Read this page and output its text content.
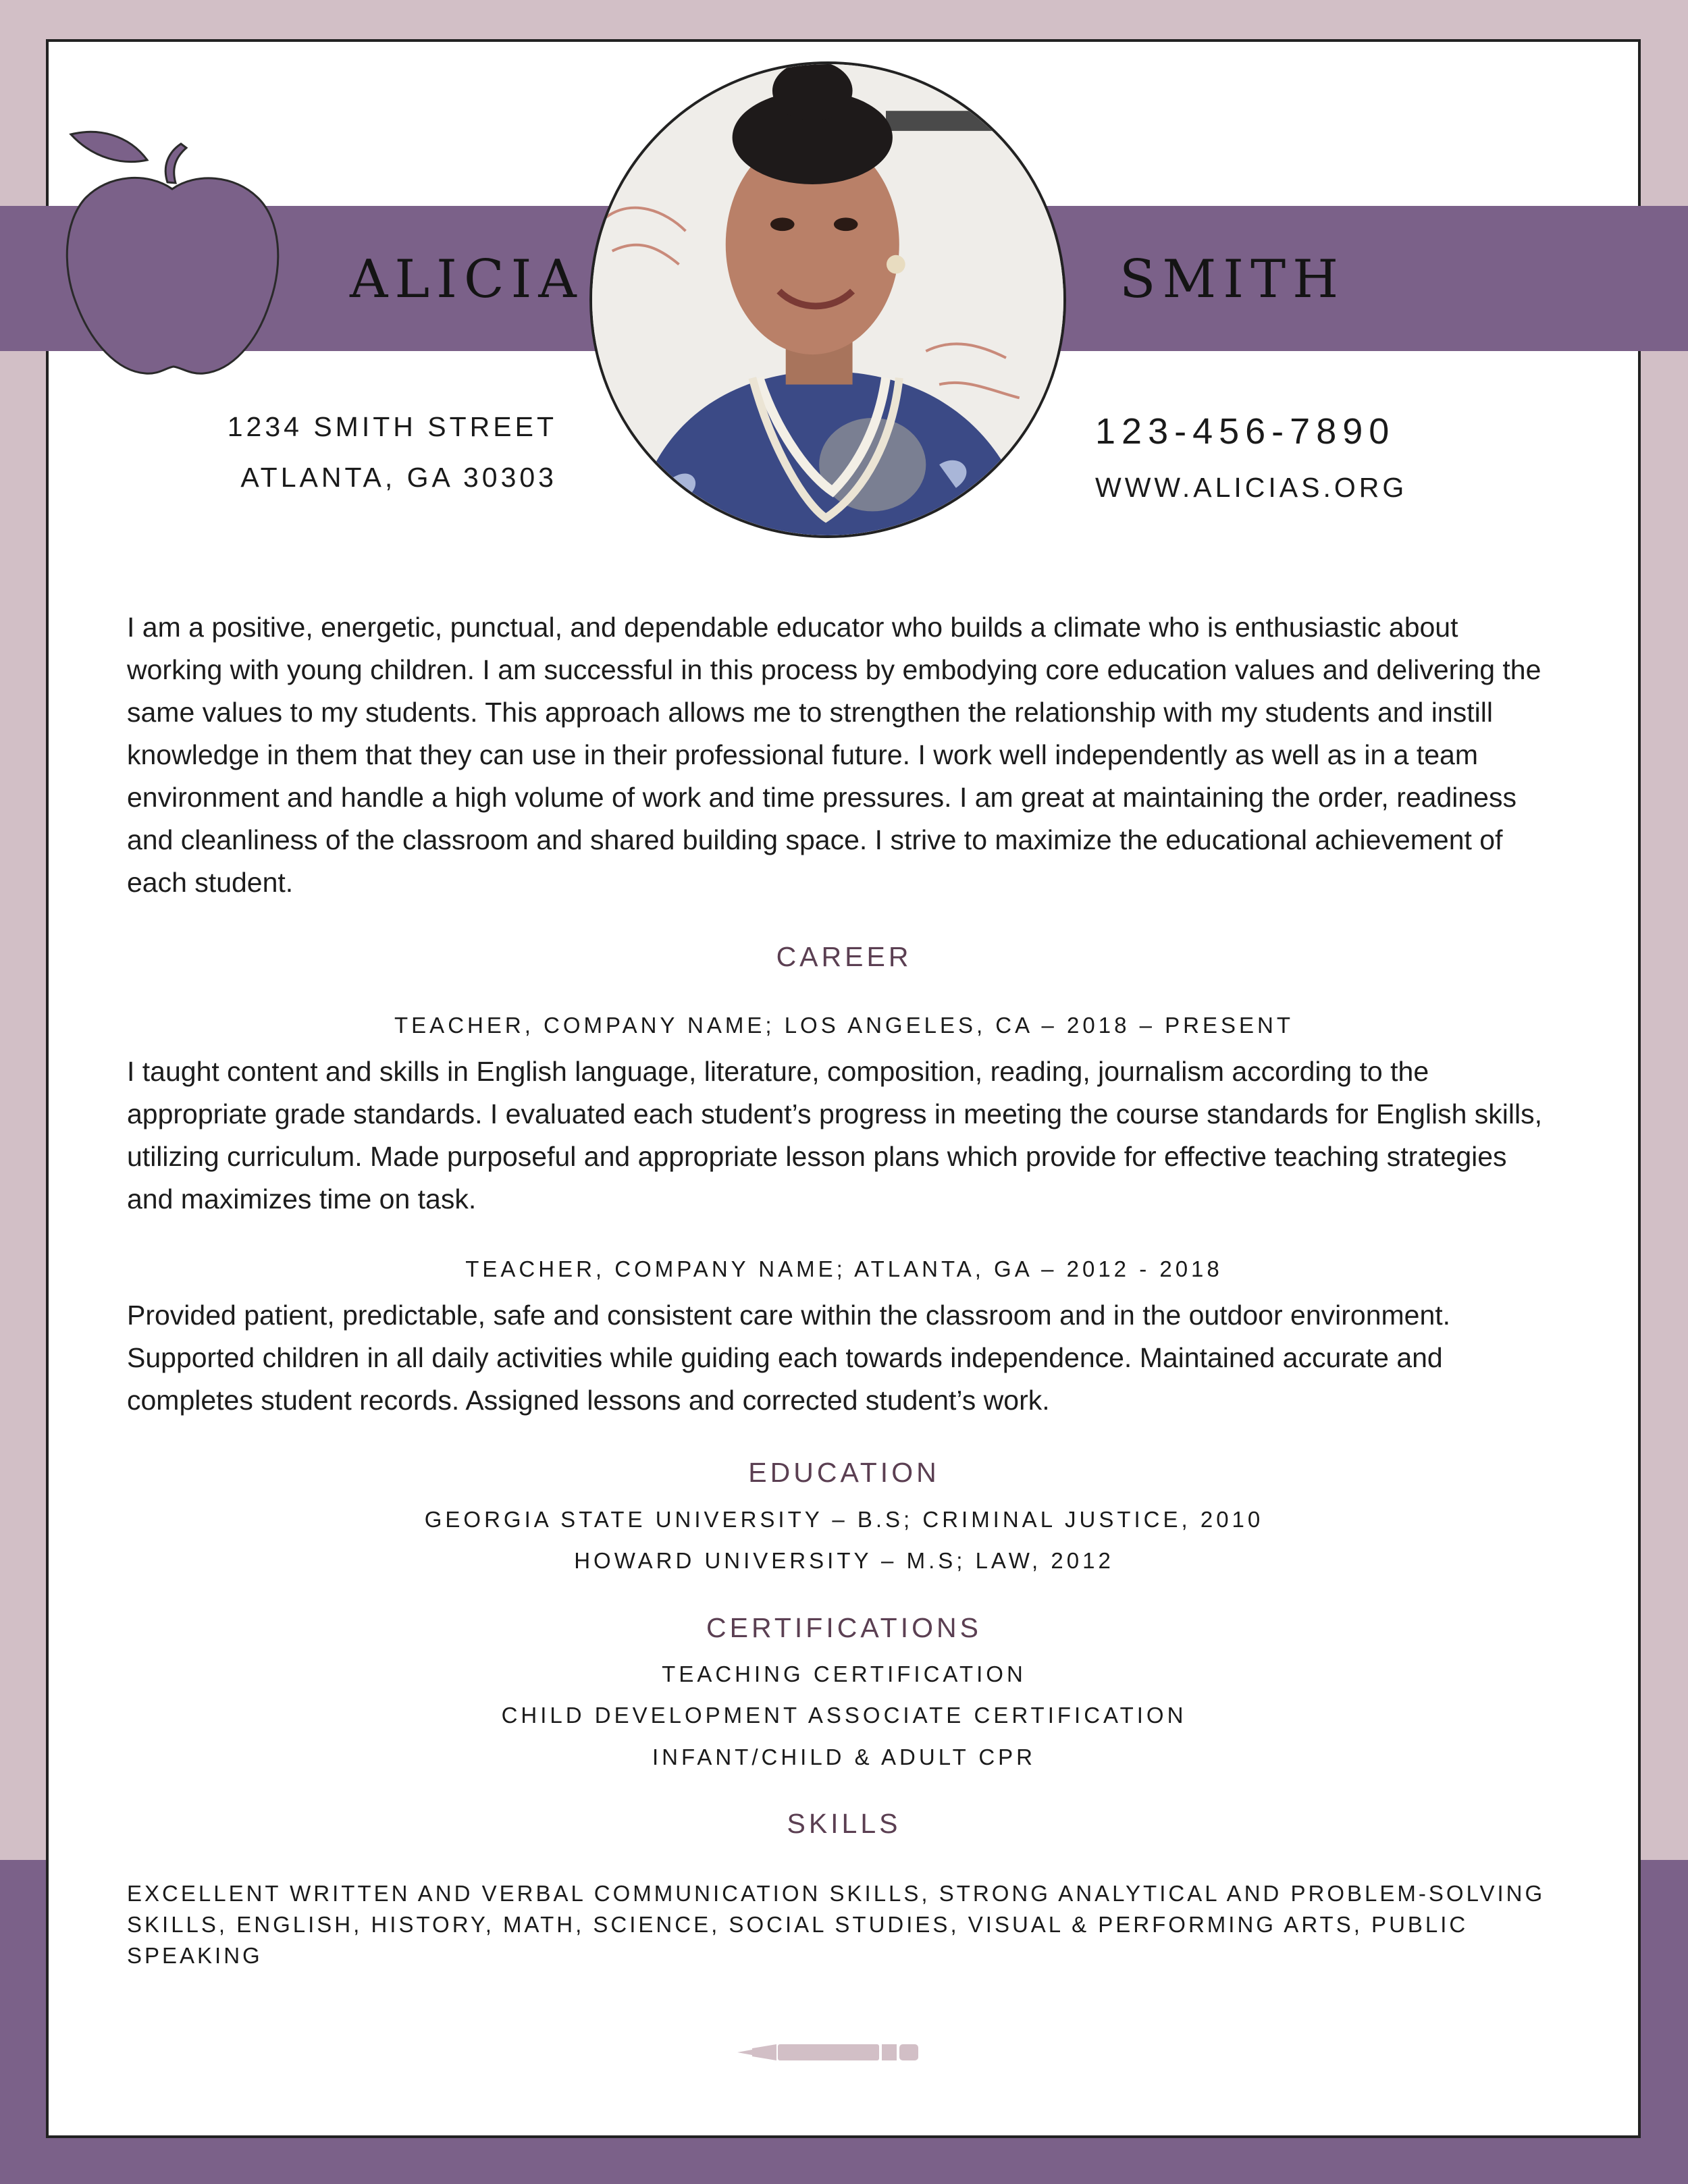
ALICIA	SMITH
1234 SMITH STREET
ATLANTA, GA 30303
123-456-7890
WWW.ALICIAS.ORG
I am a positive, energetic, punctual, and dependable educator who builds a climate who is enthusiastic about working with young children. I am successful in this process by embodying core education values and delivering the same values to my students. This approach allows me to strengthen the relationship with my students and instill knowledge in them that they can use in their professional future. I work well independently as well as in a team environment and handle a high volume of work and time pressures. I am great at maintaining the order, readiness and cleanliness of the classroom and shared building space. I strive to maximize the educational achievement of each student.
CAREER
TEACHER, COMPANY NAME; LOS ANGELES, CA – 2018 – PRESENT
I taught content and skills in English language, literature, composition, reading, journalism according to the appropriate grade standards. I evaluated each student’s progress in meeting the course standards for English skills, utilizing curriculum. Made purposeful and appropriate lesson plans which provide for effective teaching strategies and maximizes time on task.
TEACHER, COMPANY NAME; ATLANTA, GA – 2012 - 2018
Provided patient, predictable, safe and consistent care within the classroom and in the outdoor environment. Supported children in all daily activities while guiding each towards independence. Maintained accurate and completes student records. Assigned lessons and corrected student’s work.
EDUCATION
GEORGIA STATE UNIVERSITY – B.S; CRIMINAL JUSTICE, 2010
HOWARD UNIVERSITY – M.S; LAW, 2012
CERTIFICATIONS
TEACHING CERTIFICATION
CHILD DEVELOPMENT ASSOCIATE CERTIFICATION
INFANT/CHILD & ADULT CPR
SKILLS
EXCELLENT WRITTEN AND VERBAL COMMUNICATION SKILLS, STRONG ANALYTICAL AND PROBLEM-SOLVING SKILLS, ENGLISH, HISTORY, MATH, SCIENCE, SOCIAL STUDIES, VISUAL & PERFORMING ARTS, PUBLIC SPEAKING
